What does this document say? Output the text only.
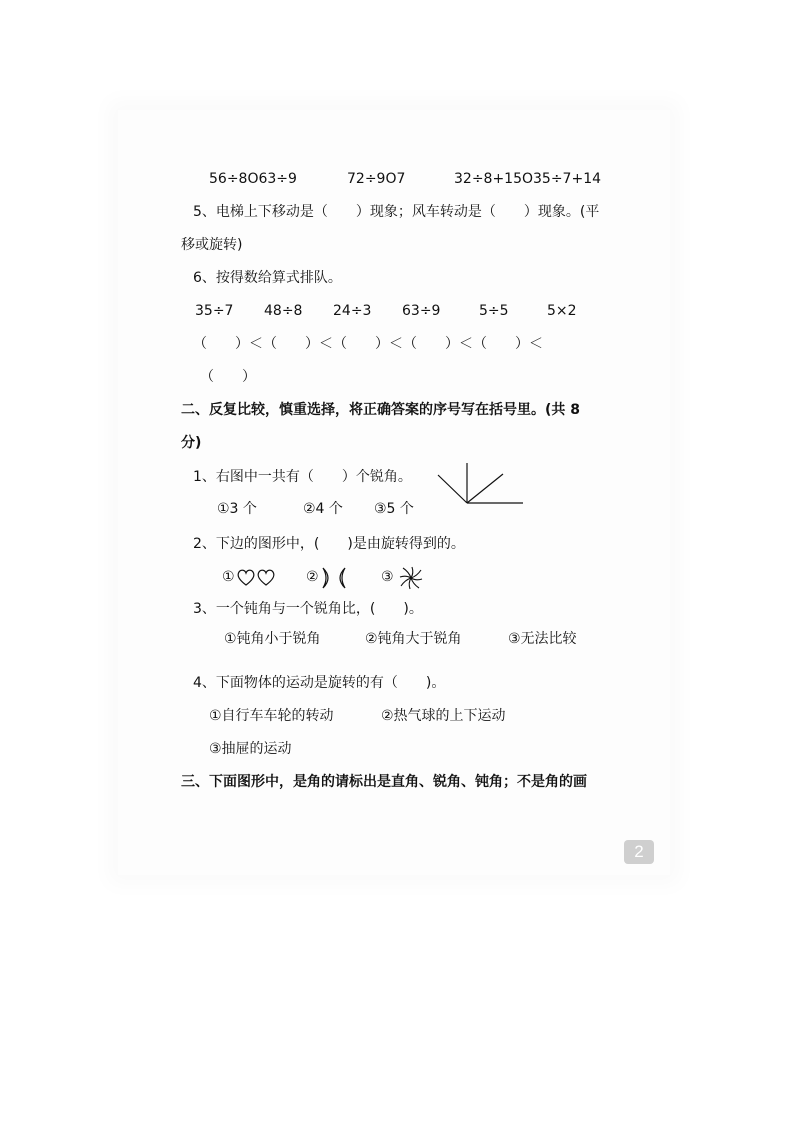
56÷8O63÷9	72÷9O7	32÷8+15O35÷7+14
5、电梯上下移动是（　　）现象；风车转动是（　　）现象。(平
移或旋转)
6、按得数给算式排队。
35÷7 48÷8 24÷3 63÷9	5÷5	5×2
（　　）＜（　　）＜（　　）＜（　　）＜（　　）＜
（　　）
二、反复比较，慎重选择，将正确答案的序号写在括号里。(共 8
分)
1、右图中一共有（　　）个锐角。
①3 个	②4 个 ③5 个
2、下边的图形中，(　　)是由旋转得到的。
①	②	③
3、一个钝角与一个锐角比，(　　)。
①钝角小于锐角	②钝角大于锐角	③无法比较
4、下面物体的运动是旋转的有（　　)。
①自行车车轮的转动	②热气球的上下运动
③抽屉的运动
三、下面图形中，是角的请标出是直角、锐角、钝角；不是角的画
2
